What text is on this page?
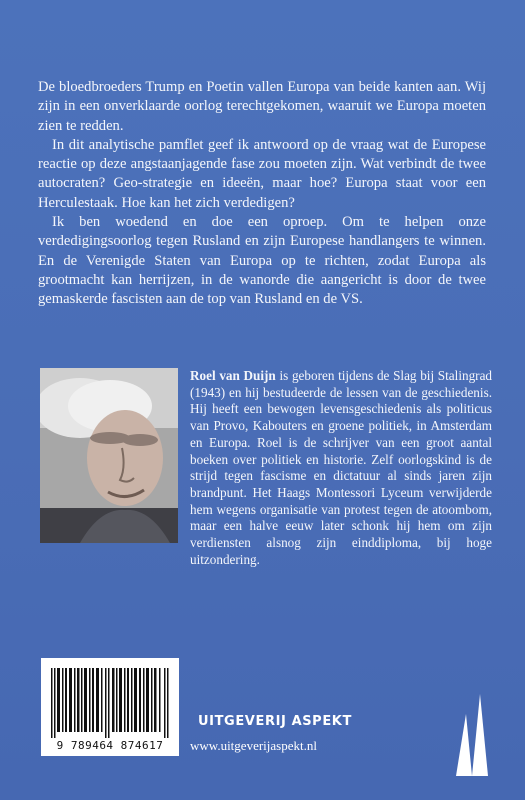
De bloedbroeders Trump en Poetin vallen Europa van beide kanten aan. Wij zijn in een onverklaarde oorlog terechtgekomen, waaruit we Europa moeten zien te redden.

In dit analytische pamflet geef ik antwoord op de vraag wat de Europese reactie op deze angstaanjagende fase zou moeten zijn. Wat verbindt de twee autocraten? Geo-strategie en ideeën, maar hoe? Europa staat voor een Herculestaak. Hoe kan het zich verdedigen?

Ik ben woedend en doe een oproep. Om te helpen onze verdedigingsoorlog tegen Rusland en zijn Europese handlangers te winnen. En de Verenigde Staten van Europa op te richten, zodat Europa als grootmacht kan herrijzen, in de wanorde die aangericht is door de twee gemaskerde fascisten aan de top van Rusland en de VS.

Roel van Duijn is geboren tijdens de Slag bij Stalingrad (1943) en hij bestudeerde de lessen van de geschiedenis. Hij heeft een bewogen levensgeschiedenis als politicus van Provo, Kabouters en groene politiek, in Amsterdam en Europa. Roel is de schrijver van een groot aantal boeken over politiek en historie. Zelf oorlogskind is de strijd tegen fascisme en dictatuur al sinds jaren zijn brandpunt. Het Haags Montessori Lyceum verwijderde hem wegens organisatie van protest tegen de atoombom, maar een halve eeuw later schonk hij hem om zijn verdiensten alsnog zijn einddiploma, bij hoge uitzondering.
9 789464 874617
UITGEVERIJ ASPEKT
www.uitgeverijaspekt.nl
